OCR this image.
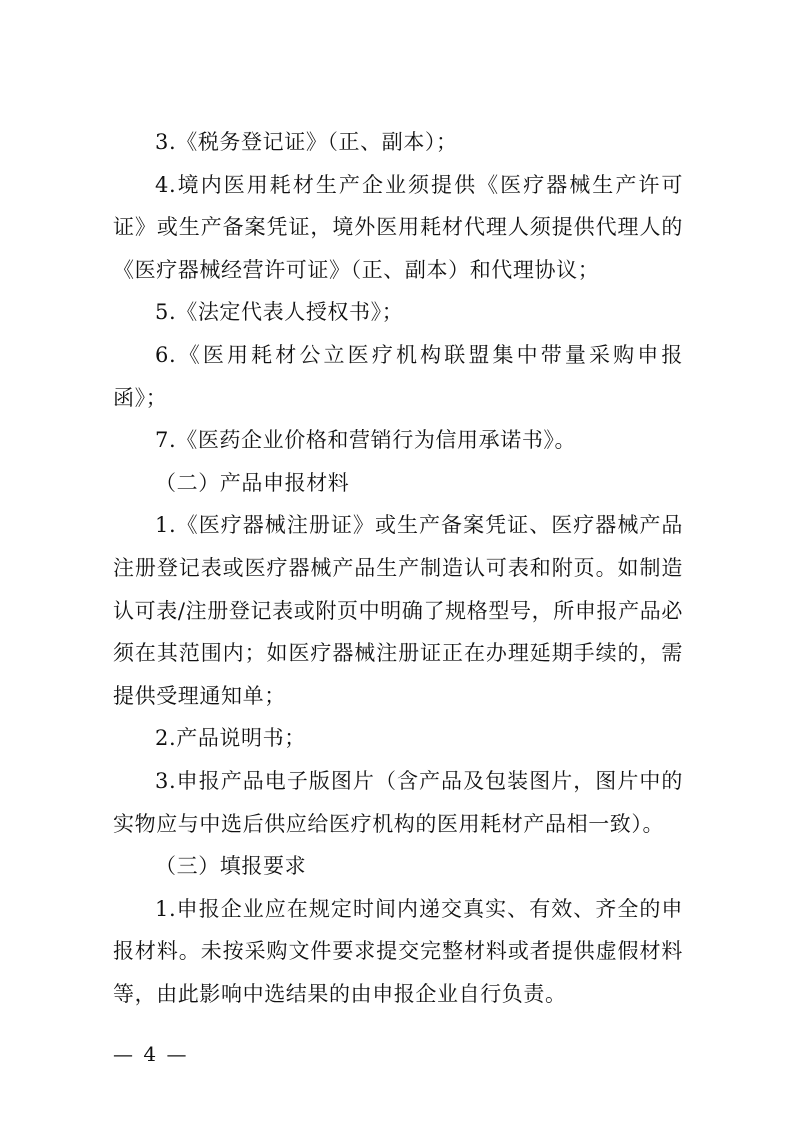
3.《税务登记证》（正、副本）；

4.境内医用耗材生产企业须提供《医疗器械生产许可证》或生产备案凭证，境外医用耗材代理人须提供代理人的《医疗器械经营许可证》（正、副本）和代理协议；

5.《法定代表人授权书》；

6.《医用耗材公立医疗机构联盟集中带量采购申报函》；

7.《医药企业价格和营销行为信用承诺书》。

（二）产品申报材料

1.《医疗器械注册证》或生产备案凭证、医疗器械产品注册登记表或医疗器械产品生产制造认可表和附页。如制造认可表/注册登记表或附页中明确了规格型号，所申报产品必须在其范围内；如医疗器械注册证正在办理延期手续的，需提供受理通知单；

2.产品说明书；

3.申报产品电子版图片（含产品及包装图片，图片中的实物应与中选后供应给医疗机构的医用耗材产品相一致）。

（三）填报要求

1.申报企业应在规定时间内递交真实、有效、齐全的申报材料。未按采购文件要求提交完整材料或者提供虚假材料等，由此影响中选结果的由申报企业自行负责。

— 4 —
